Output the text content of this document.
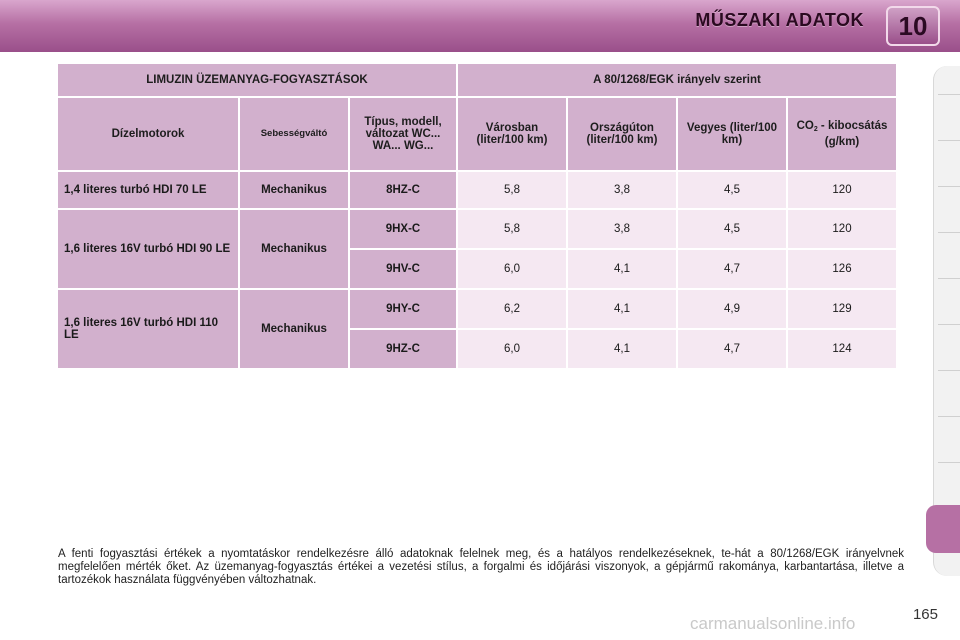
MŰSZAKI ADATOK	10
LIMUZIN ÜZEMANYAG-FOGYASZTÁSOK			A 80/1268/EGK irányelv szerint			
Dízelmotorok	Sebességváltó	Típus, modell, változat WC... WA... WG...	Városban (liter/100 km)	Országúton (liter/100 km)	Vegyes (liter/100 km)	$CO_2$ - kibocsátás (g/km)
1,4 literes turbó HDI 70 LE	Mechanikus	8HZ-C	5,8	3,8	4,5	120
1,6 literes 16V turbó HDI 90 LE	Mechanikus	9HX-C	5,8	3,8	4,5	120
		9HV-C	6,0	4,1	4,7	126
1,6 literes 16V turbó HDI 110 LE	Mechanikus	9HY-C	6,2	4,1	4,9	129
		9HZ-C	6,0	4,1	4,7	124
A fenti fogyasztási értékek a nyomtatáskor rendelkezésre álló adatoknak felelnek meg, és a hatályos rendelkezéseknek, te-hát a 80/1268/EGK irányelvnek megfelelően mérték őket. Az üzemanyag-fogyasztás értékei a vezetési stílus, a forgalmi és időjárási viszonyok, a gépjármű rakománya, karbantartása, illetve a tartozékok használata függvényében változhatnak.
165
carmanualsonline.info
